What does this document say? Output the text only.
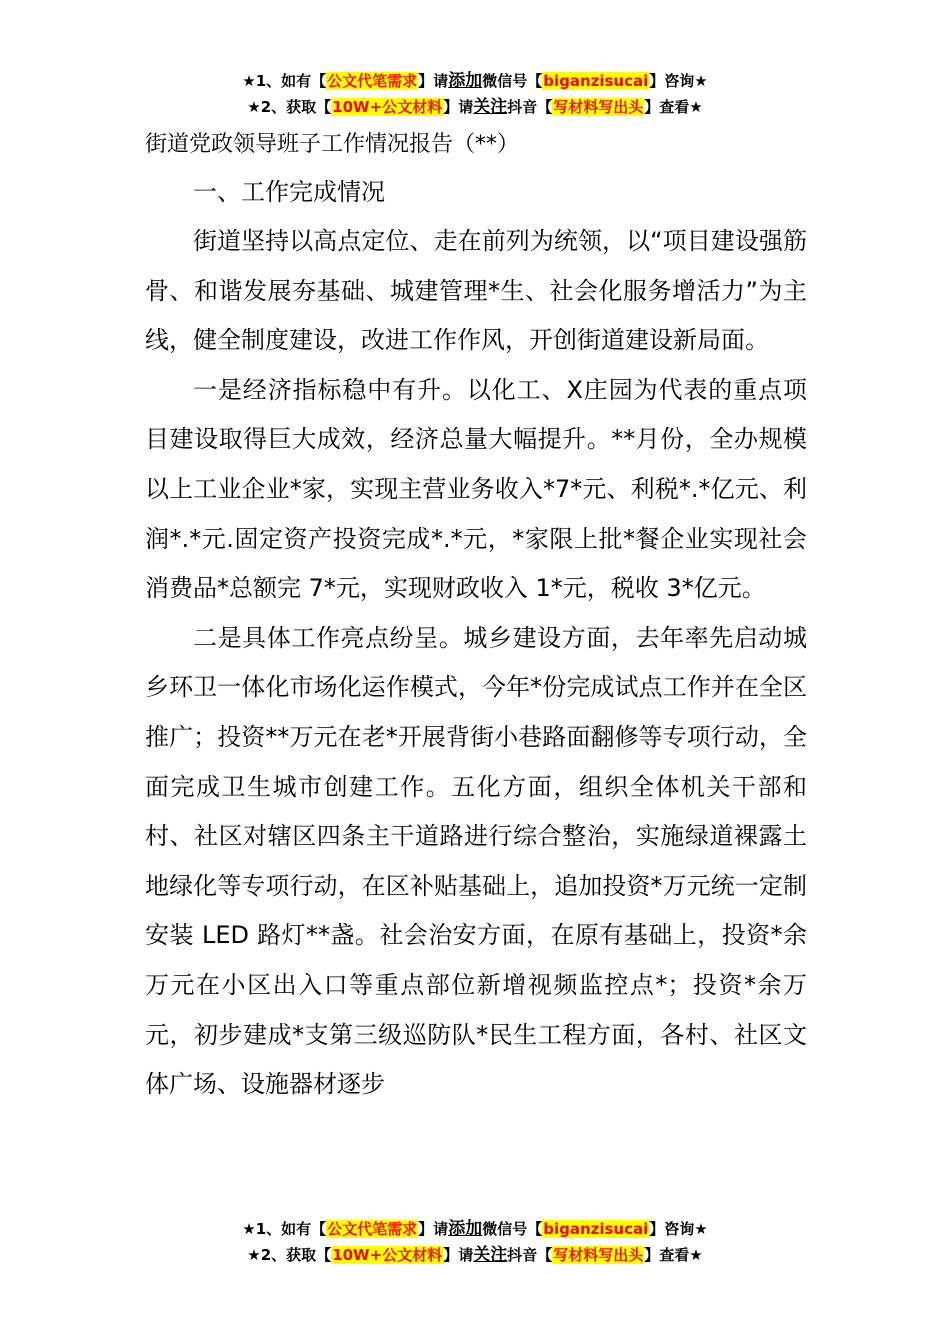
★1、如有【公文代笔需求】请添加微信号【biganzisucai】咨询★
★2、获取【10W+公文材料】请关注抖音【写材料写出头】查看★
街道党政领导班子工作情况报告（**）

一、工作完成情况

街道坚持以高点定位、走在前列为统领，以“项目建设强筋骨、和谐发展夯基础、城建管理*生、社会化服务增活力”为主线，健全制度建设，改进工作作风，开创街道建设新局面。

一是经济指标稳中有升。以化工、X庄园为代表的重点项目建设取得巨大成效，经济总量大幅提升。**月份，全办规模以上工业企业*家，实现主营业务收入*7*元、利税*.*亿元、利润*.*元.固定资产投资完成*.*元，*家限上批*餐企业实现社会消费品*总额完 7*元，实现财政收入 1*元，税收 3*亿元。

二是具体工作亮点纷呈。城乡建设方面，去年率先启动城乡环卫一体化市场化运作模式，今年*份完成试点工作并在全区推广；投资**万元在老*开展背街小巷路面翻修等专项行动，全面完成卫生城市创建工作。五化方面，组织全体机关干部和村、社区对辖区四条主干道路进行综合整治，实施绿道裸露土地绿化等专项行动，在区补贴基础上，追加投资*万元统一定制安装 LED 路灯**盏。社会治安方面，在原有基础上，投资*余万元在小区出入口等重点部位新增视频监控点*；投资*余万元，初步建成*支第三级巡防队*民生工程方面，各村、社区文体广场、设施器材逐步

★1、如有【公文代笔需求】请添加微信号【biganzisucai】咨询★
★2、获取【10W+公文材料】请关注抖音【写材料写出头】查看★
